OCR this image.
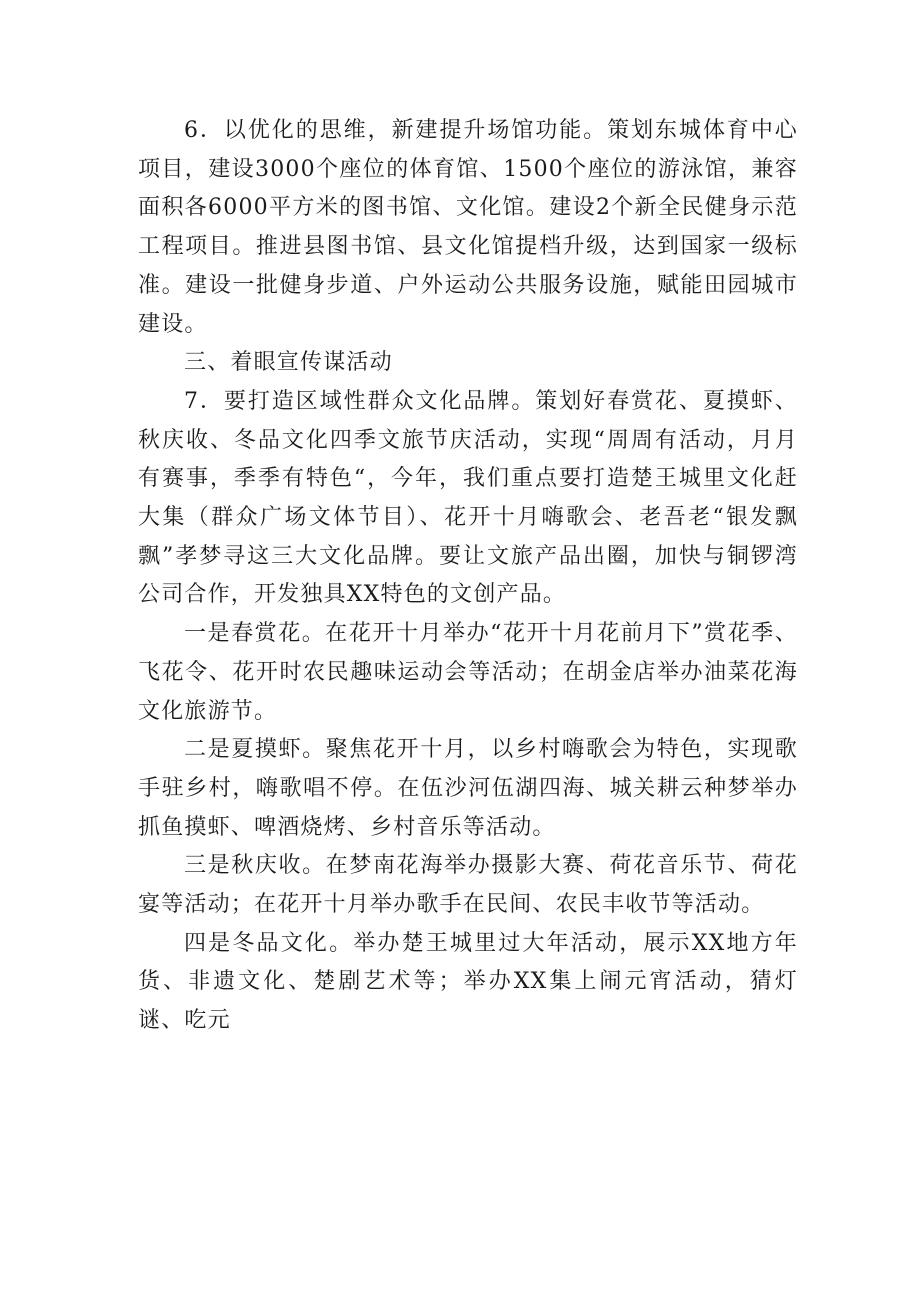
6．以优化的思维，新建提升场馆功能。策划东城体育中心项目，建设3000个座位的体育馆、1500个座位的游泳馆，兼容面积各6000平方米的图书馆、文化馆。建设2个新全民健身示范工程项目。推进县图书馆、县文化馆提档升级，达到国家一级标准。建设一批健身步道、户外运动公共服务设施，赋能田园城市建设。

三、着眼宣传谋活动

7．要打造区域性群众文化品牌。策划好春赏花、夏摸虾、秋庆收、冬品文化四季文旅节庆活动，实现“周周有活动，月月有赛事，季季有特色“，今年，我们重点要打造楚王城里文化赶大集（群众广场文体节目）、花开十月嗨歌会、老吾老“银发飘飘”孝梦寻这三大文化品牌。要让文旅产品出圈，加快与铜锣湾公司合作，开发独具XX特色的文创产品。

一是春赏花。在花开十月举办“花开十月花前月下”赏花季、飞花令、花开时农民趣味运动会等活动；在胡金店举办油菜花海文化旅游节。

二是夏摸虾。聚焦花开十月，以乡村嗨歌会为特色，实现歌手驻乡村，嗨歌唱不停。在伍沙河伍湖四海、城关耕云种梦举办抓鱼摸虾、啤酒烧烤、乡村音乐等活动。

三是秋庆收。在梦南花海举办摄影大赛、荷花音乐节、荷花宴等活动；在花开十月举办歌手在民间、农民丰收节等活动。

四是冬品文化。举办楚王城里过大年活动，展示XX地方年货、非遗文化、楚剧艺术等；举办XX集上闹元宵活动，猜灯谜、吃元
